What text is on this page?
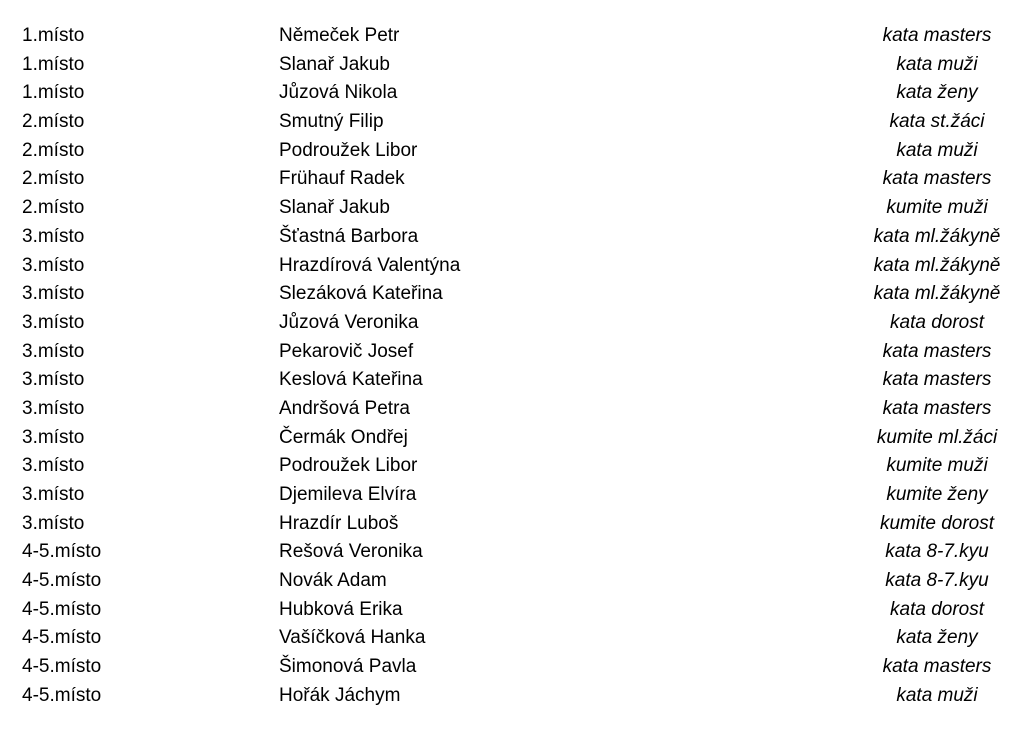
1.místo	Němeček Petr	kata masters
1.místo	Slanař Jakub	kata muži
1.místo	Jůzová Nikola	kata ženy
2.místo	Smutný Filip	kata st.žáci
2.místo	Podroužek Libor	kata muži
2.místo	Frühauf Radek	kata masters
2.místo	Slanař Jakub	kumite muži
3.místo	Šťastná Barbora	kata ml.žákyně
3.místo	Hrazdírová Valentýna	kata ml.žákyně
3.místo	Slezáková Kateřina	kata ml.žákyně
3.místo	Jůzová Veronika	kata dorost
3.místo	Pekarovič Josef	kata masters
3.místo	Keslová Kateřina	kata masters
3.místo	Andršová Petra	kata masters
3.místo	Čermák Ondřej	kumite ml.žáci
3.místo	Podroužek Libor	kumite muži
3.místo	Djemileva Elvíra	kumite ženy
3.místo	Hrazdír Luboš	kumite dorost
4-5.místo	Rešová Veronika	kata 8-7.kyu
4-5.místo	Novák Adam	kata 8-7.kyu
4-5.místo	Hubková Erika	kata dorost
4-5.místo	Vašíčková Hanka	kata ženy
4-5.místo	Šimonová Pavla	kata masters
4-5.místo	Hořák Jáchym	kata muži
